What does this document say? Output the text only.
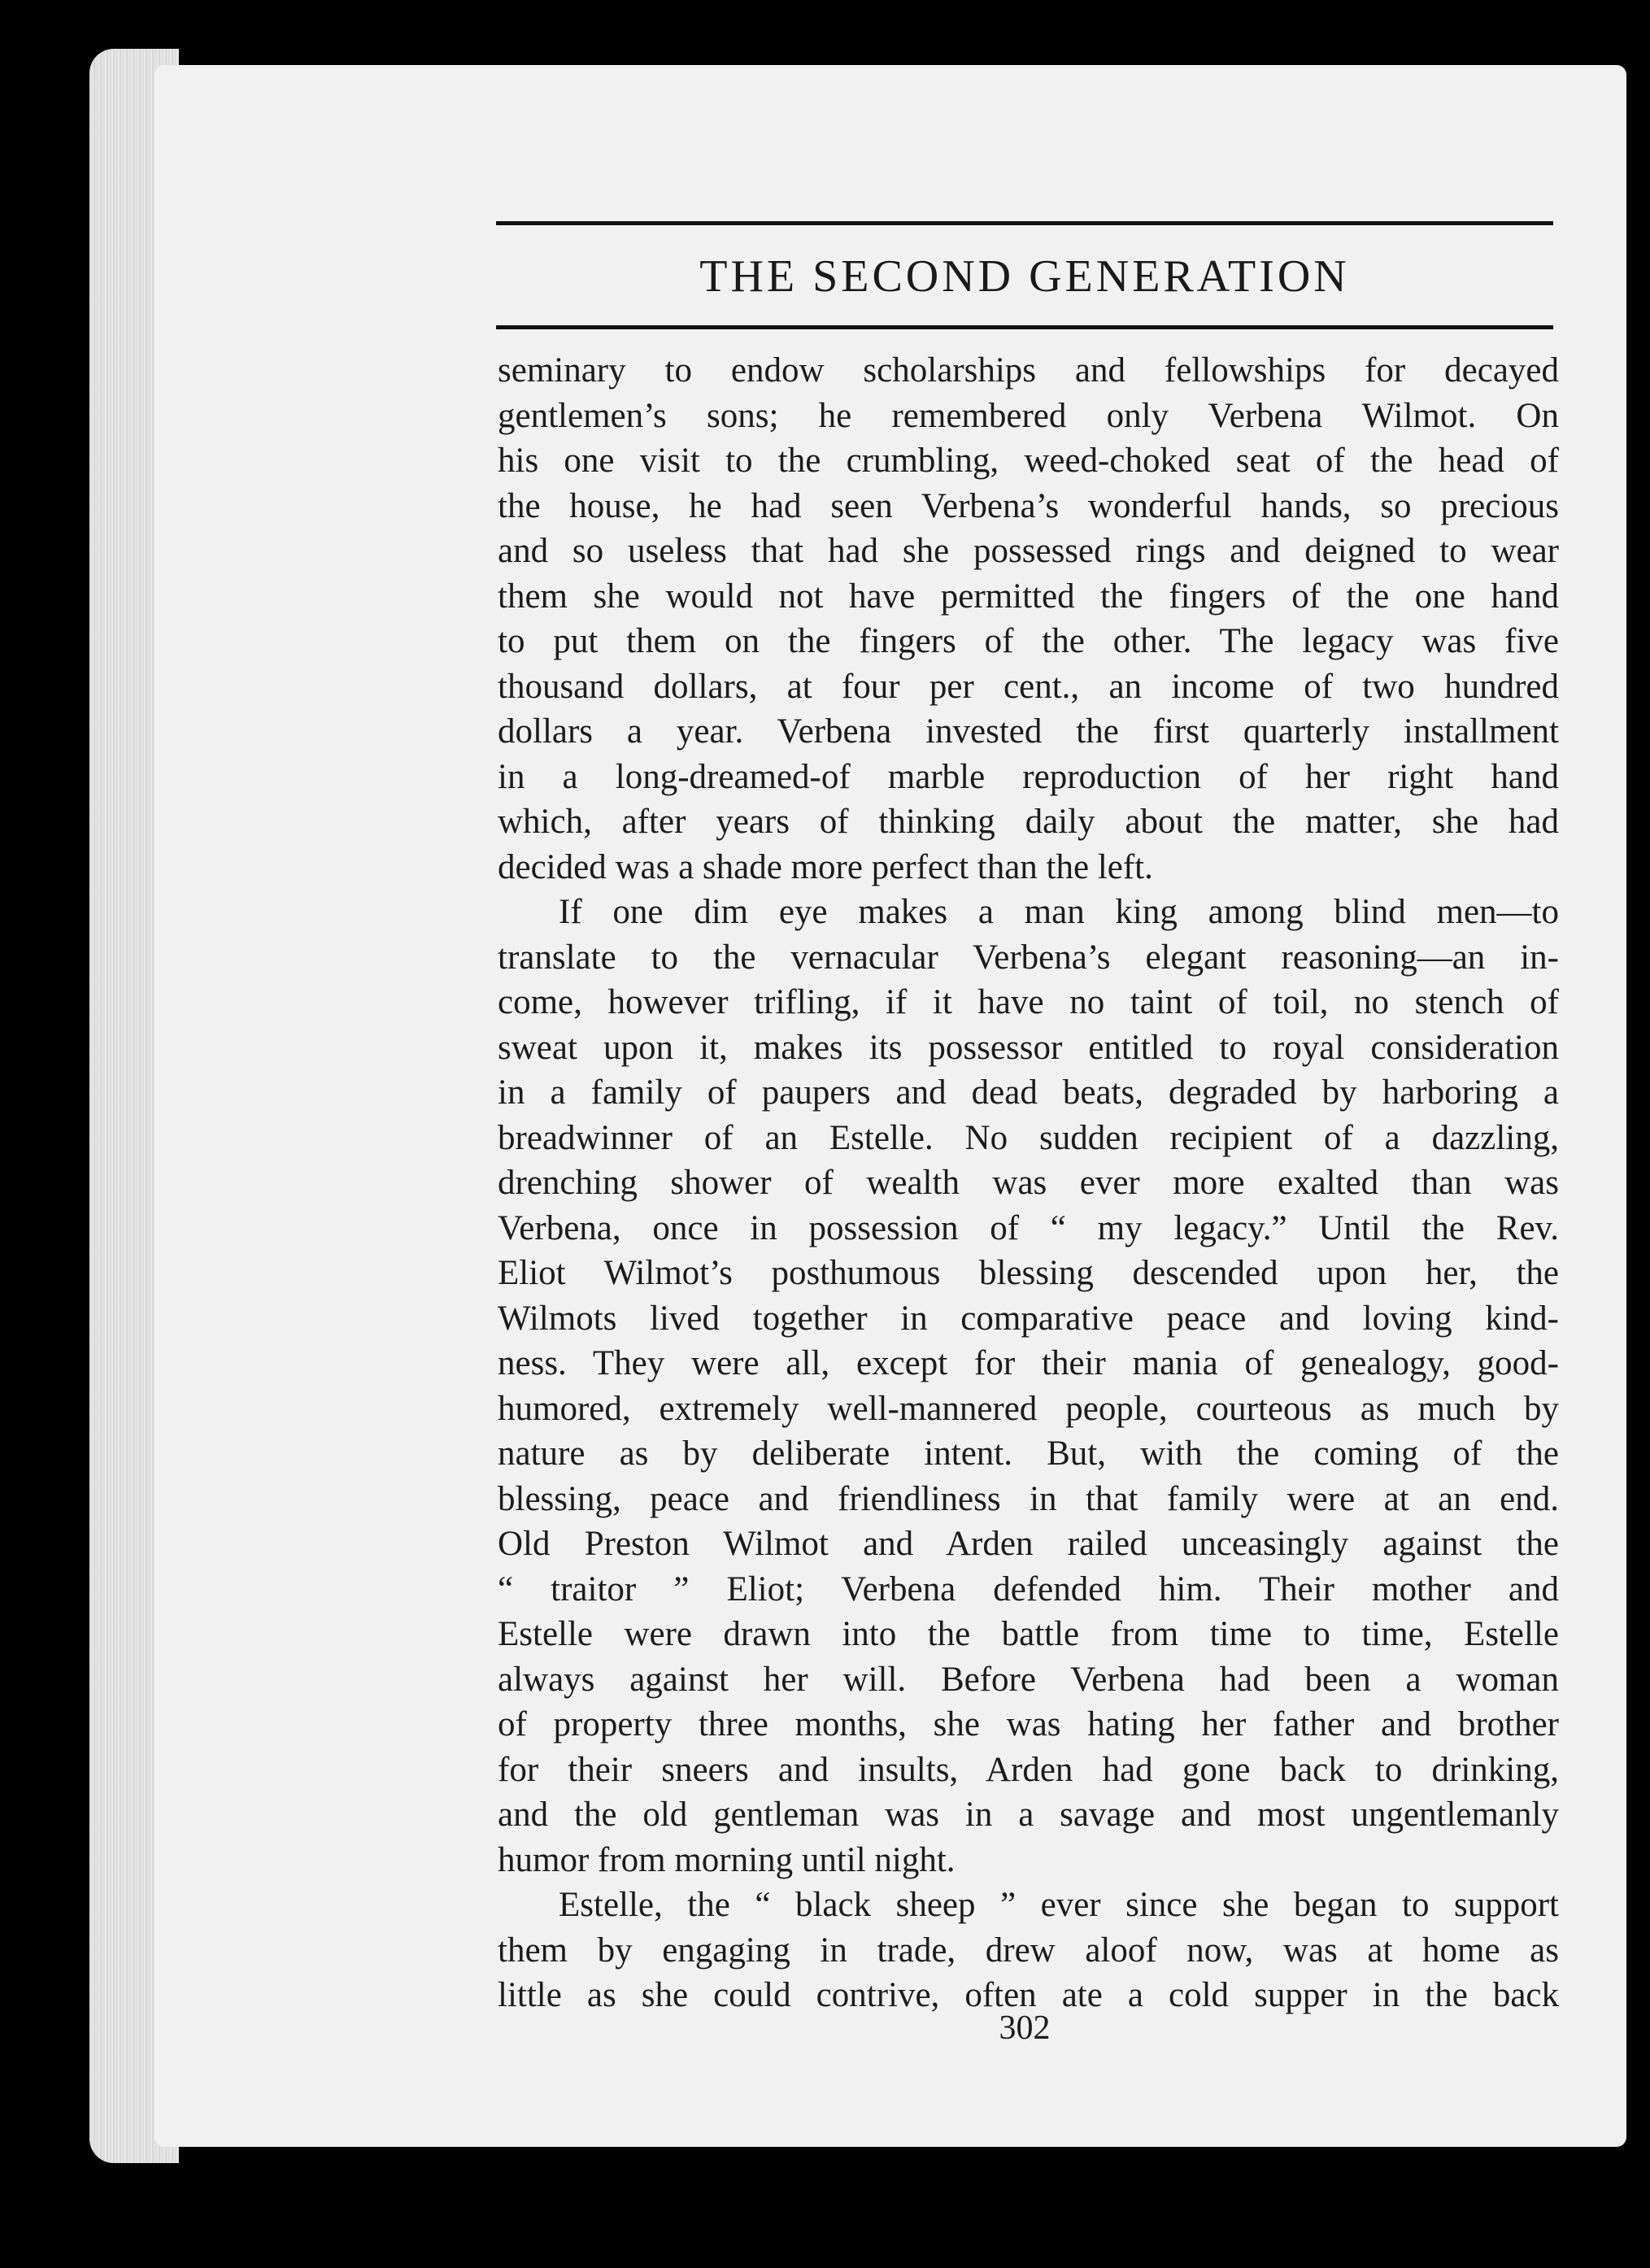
THE SECOND GENERATION
seminary to endow scholarships and fellowships for decayed
gentlemen’s sons; he remembered only Verbena Wilmot. On
his one visit to the crumbling, weed-choked seat of the head of
the house, he had seen Verbena’s wonderful hands, so precious
and so useless that had she possessed rings and deigned to wear
them she would not have permitted the fingers of the one hand
to put them on the fingers of the other. The legacy was five
thousand dollars, at four per cent., an income of two hundred
dollars a year. Verbena invested the first quarterly installment
in a long-dreamed-of marble reproduction of her right hand
which, after years of thinking daily about the matter, she had
decided was a shade more perfect than the left.
If one dim eye makes a man king among blind men—to
translate to the vernacular Verbena’s elegant reasoning—an in-
come, however trifling, if it have no taint of toil, no stench of
sweat upon it, makes its possessor entitled to royal consideration
in a family of paupers and dead beats, degraded by harboring a
breadwinner of an Estelle. No sudden recipient of a dazzling,
drenching shower of wealth was ever more exalted than was
Verbena, once in possession of “ my legacy.” Until the Rev.
Eliot Wilmot’s posthumous blessing descended upon her, the
Wilmots lived together in comparative peace and loving kind-
ness. They were all, except for their mania of genealogy, good-
humored, extremely well-mannered people, courteous as much by
nature as by deliberate intent. But, with the coming of the
blessing, peace and friendliness in that family were at an end.
Old Preston Wilmot and Arden railed unceasingly against the
“ traitor ” Eliot; Verbena defended him. Their mother and
Estelle were drawn into the battle from time to time, Estelle
always against her will. Before Verbena had been a woman
of property three months, she was hating her father and brother
for their sneers and insults, Arden had gone back to drinking,
and the old gentleman was in a savage and most ungentlemanly
humor from morning until night.
Estelle, the “ black sheep ” ever since she began to support
them by engaging in trade, drew aloof now, was at home as
little as she could contrive, often ate a cold supper in the back
302
